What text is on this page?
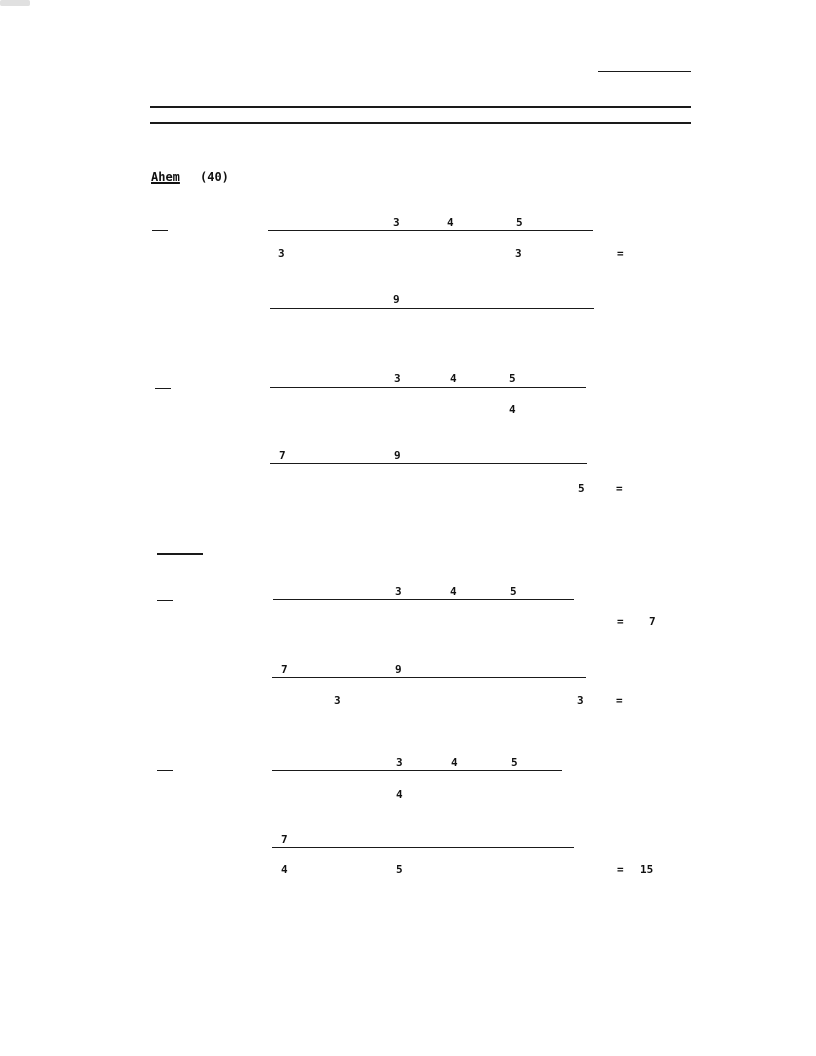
Ahem (40)
3	4	5
3	3	=
9
3	4	5
4
7	9
5	=
3	4	5
= 7
7	9
3	3	=
3	4	5
4
7
4	5	= 15
